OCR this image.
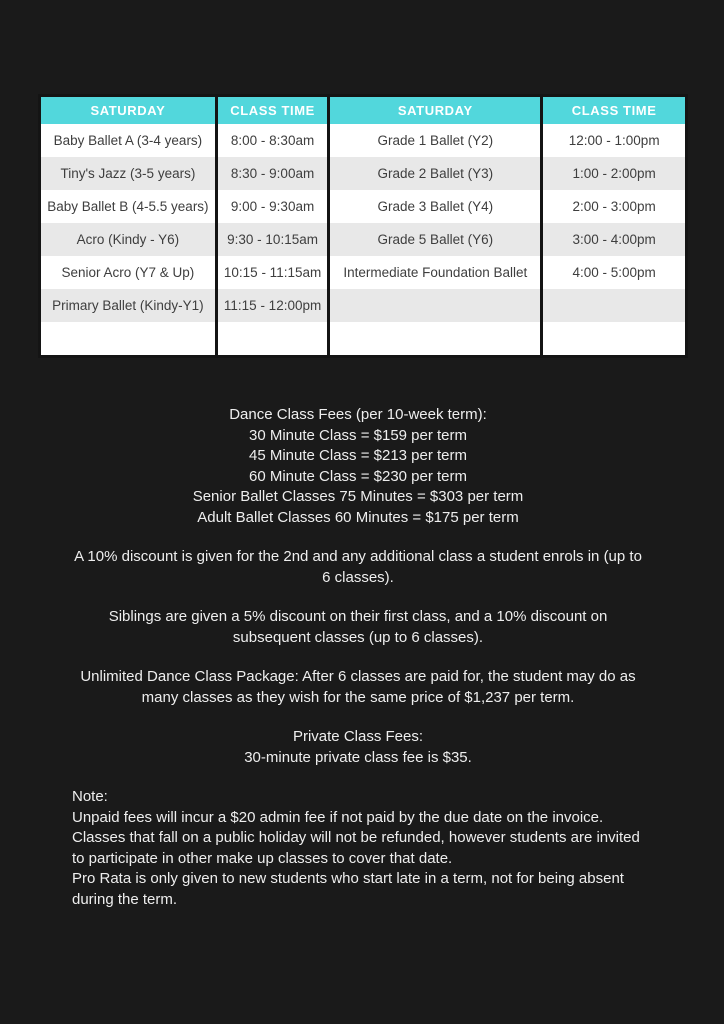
SATURDAY	CLASS TIME	SATURDAY	CLASS TIME
Baby Ballet A (3-4 years)	8:00 - 8:30am	Grade 1 Ballet (Y2)	12:00 - 1:00pm
Tiny's Jazz (3-5 years)	8:30 - 9:00am	Grade 2 Ballet (Y3)	1:00 - 2:00pm
Baby Ballet B (4-5.5 years)	9:00 - 9:30am	Grade 3 Ballet (Y4)	2:00 - 3:00pm
Acro (Kindy - Y6)	9:30 - 10:15am	Grade 5 Ballet (Y6)	3:00 - 4:00pm
Senior Acro (Y7 & Up)	10:15 - 11:15am	Intermediate Foundation Ballet	4:00 - 5:00pm
Primary Ballet (Kindy-Y1)	11:15 - 12:00pm		

Dance Class Fees (per 10-week term):
30 Minute Class = $159 per term
45 Minute Class = $213 per term
60 Minute Class = $230 per term
Senior Ballet Classes 75 Minutes = $303 per term
Adult Ballet Classes 60 Minutes = $175 per term
A 10% discount is given for the 2nd and any additional class a student enrols in (up to 6 classes).
Siblings are given a 5% discount on their first class, and a 10% discount on subsequent classes (up to 6 classes).
Unlimited Dance Class Package: After 6 classes are paid for, the student may do as many classes as they wish for the same price of $1,237 per term.
Private Class Fees:
30-minute private class fee is $35.
Note:
Unpaid fees will incur a $20 admin fee if not paid by the due date on the invoice.
Classes that fall on a public holiday will not be refunded, however students are invited to participate in other make up classes to cover that date.
Pro Rata is only given to new students who start late in a term, not for being absent during the term.
